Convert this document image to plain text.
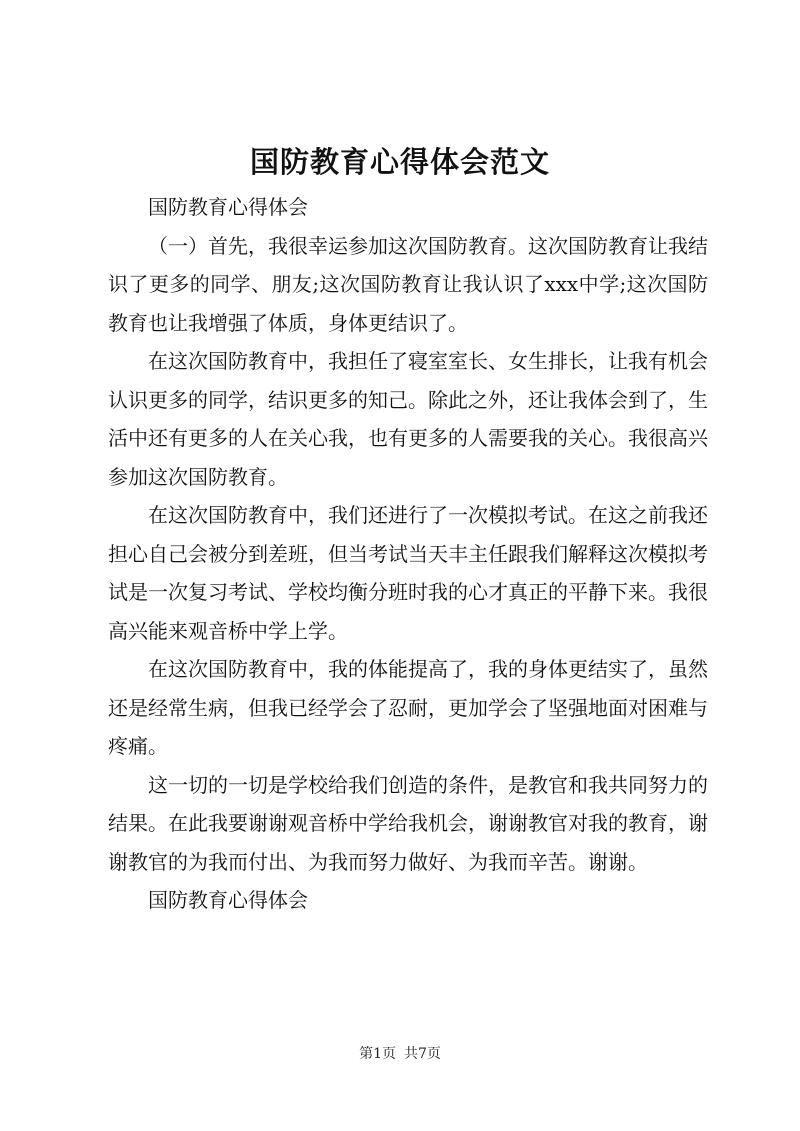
国防教育心得体会范文

国防教育心得体会

（一）首先，我很幸运参加这次国防教育。这次国防教育让我结识了更多的同学、朋友;这次国防教育让我认识了xxx中学;这次国防教育也让我增强了体质，身体更结识了。

在这次国防教育中，我担任了寝室室长、女生排长，让我有机会认识更多的同学，结识更多的知己。除此之外，还让我体会到了，生活中还有更多的人在关心我，也有更多的人需要我的关心。我很高兴参加这次国防教育。

在这次国防教育中，我们还进行了一次模拟考试。在这之前我还担心自己会被分到差班，但当考试当天丰主任跟我们解释这次模拟考试是一次复习考试、学校均衡分班时我的心才真正的平静下来。我很高兴能来观音桥中学上学。

在这次国防教育中，我的体能提高了，我的身体更结实了，虽然还是经常生病，但我已经学会了忍耐，更加学会了坚强地面对困难与疼痛。

这一切的一切是学校给我们创造的条件，是教官和我共同努力的结果。在此我要谢谢观音桥中学给我机会，谢谢教官对我的教育，谢谢教官的为我而付出、为我而努力做好、为我而辛苦。谢谢。

国防教育心得体会

第1页 共7页
